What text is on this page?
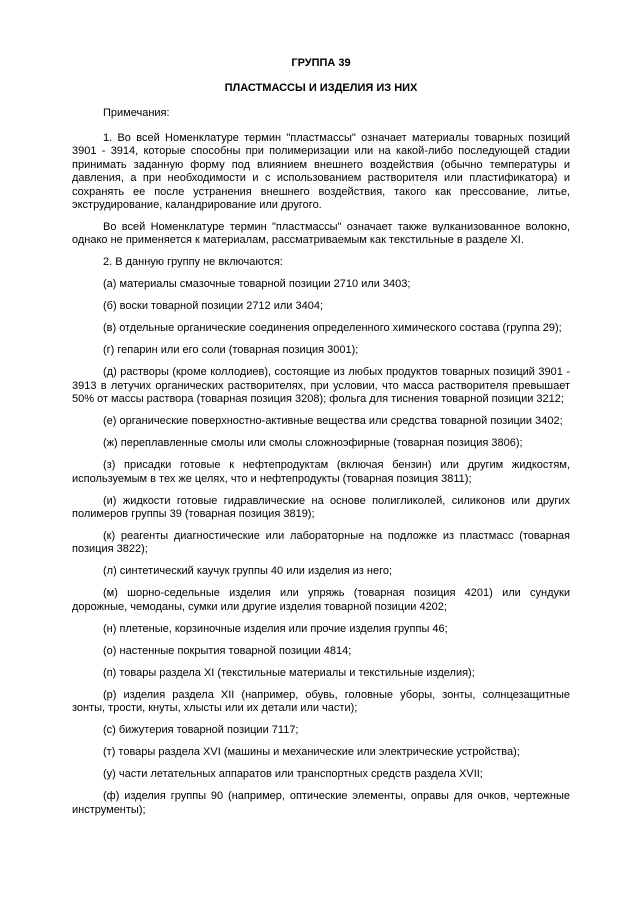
ГРУППА 39

ПЛАСТМАССЫ И ИЗДЕЛИЯ ИЗ НИХ

Примечания:

1. Во всей Номенклатуре термин "пластмассы" означает материалы товарных позиций 3901 - 3914, которые способны при полимеризации или на какой-либо последующей стадии принимать заданную форму под влиянием внешнего воздействия (обычно температуры и давления, а при необходимости и с использованием растворителя или пластификатора) и сохранять ее после устранения внешнего воздействия, такого как прессование, литье, экструдирование, каландрирование или другого.

Во всей Номенклатуре термин "пластмассы" означает также вулканизованное волокно, однако не применяется к материалам, рассматриваемым как текстильные в разделе XI.

2. В данную группу не включаются:

(а) материалы смазочные товарной позиции 2710 или 3403;

(б) воски товарной позиции 2712 или 3404;

(в) отдельные органические соединения определенного химического состава (группа 29);

(г) гепарин или его соли (товарная позиция 3001);

(д) растворы (кроме коллодиев), состоящие из любых продуктов товарных позиций 3901 - 3913 в летучих органических растворителях, при условии, что масса растворителя превышает 50% от массы раствора (товарная позиция 3208); фольга для тиснения товарной позиции 3212;

(е) органические поверхностно-активные вещества или средства товарной позиции 3402;

(ж) переплавленные смолы или смолы сложноэфирные (товарная позиция 3806);

(з) присадки готовые к нефтепродуктам (включая бензин) или другим жидкостям, используемым в тех же целях, что и нефтепродукты (товарная позиция 3811);

(и) жидкости готовые гидравлические на основе полигликолей, силиконов или других полимеров группы 39 (товарная позиция 3819);

(к) реагенты диагностические или лабораторные на подложке из пластмасс (товарная позиция 3822);

(л) синтетический каучук группы 40 или изделия из него;

(м) шорно-седельные изделия или упряжь (товарная позиция 4201) или сундуки дорожные, чемоданы, сумки или другие изделия товарной позиции 4202;

(н) плетеные, корзиночные изделия или прочие изделия группы 46;

(о) настенные покрытия товарной позиции 4814;

(п) товары раздела XI (текстильные материалы и текстильные изделия);

(р) изделия раздела XII (например, обувь, головные уборы, зонты, солнцезащитные зонты, трости, кнуты, хлысты или их детали или части);

(с) бижутерия товарной позиции 7117;

(т) товары раздела XVI (машины и механические или электрические устройства);

(у) части летательных аппаратов или транспортных средств раздела XVII;

(ф) изделия группы 90 (например, оптические элементы, оправы для очков, чертежные инструменты);
